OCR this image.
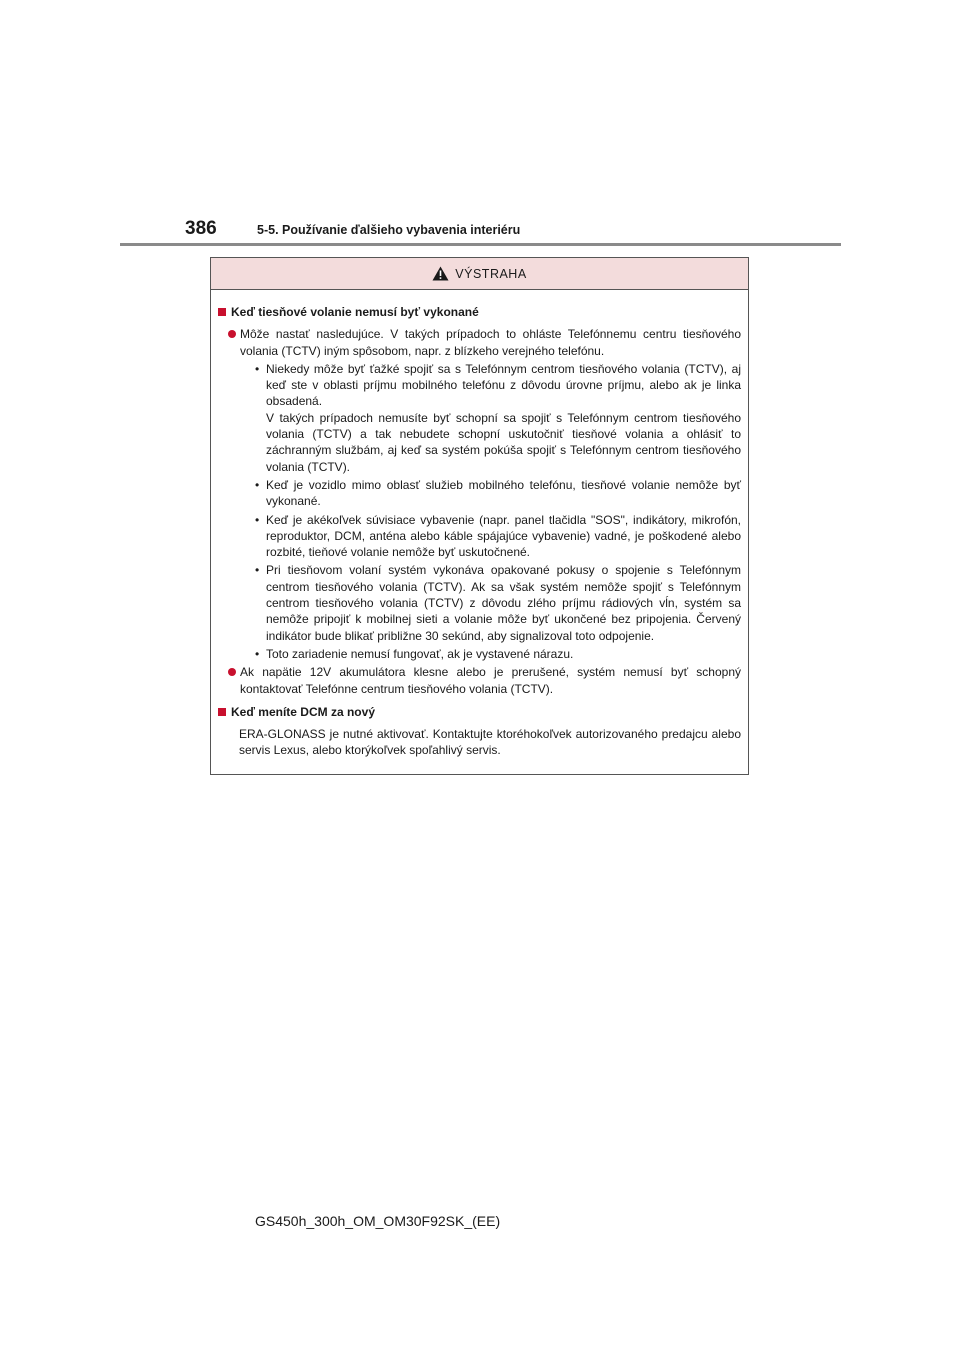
386	5-5. Používanie ďalšieho vybavenia interiéru
VÝSTRAHA
Keď tiesňové volanie nemusí byť vykonané
Môže nastať nasledujúce. V takých prípadoch to ohláste Telefónnemu centru tiesňového volania (TCTV) iným spôsobom, napr. z blízkeho verejného telefónu.
• Niekedy môže byť ťažké spojiť sa s Telefónnym centrom tiesňového volania (TCTV), aj keď ste v oblasti príjmu mobilného telefónu z dôvodu úrovne príjmu, alebo ak je linka obsadená.
V takých prípadoch nemusíte byť schopní sa spojiť s Telefónnym centrom tiesňového volania (TCTV) a tak nebudete schopní uskutočniť tiesňové volania a ohlásiť to záchranným službám, aj keď sa systém pokúša spojiť s Telefónnym centrom tiesňového volania (TCTV).
• Keď je vozidlo mimo oblasť služieb mobilného telefónu, tiesňové volanie nemôže byť vykonané.
• Keď je akékoľvek súvisiace vybavenie (napr. panel tlačidla "SOS", indikátory, mikrofón, reproduktor, DCM, anténa alebo káble spájajúce vybavenie) vadné, je poškodené alebo rozbité, tieňové volanie nemôže byť uskutočnené.
• Pri tiesňovom volaní systém vykonáva opakované pokusy o spojenie s Telefónnym centrom tiesňového volania (TCTV). Ak sa však systém nemôže spojiť s Telefónnym centrom tiesňového volania (TCTV) z dôvodu zlého príjmu rádiových vĺn, systém sa nemôže pripojiť k mobilnej sieti a volanie môže byť ukončené bez pripojenia. Červený indikátor bude blikať približne 30 sekúnd, aby signalizoval toto odpojenie.
• Toto zariadenie nemusí fungovať, ak je vystavené nárazu.
Ak napätie 12V akumulátora klesne alebo je prerušené, systém nemusí byť schopný kontaktovať Telefónne centrum tiesňového volania (TCTV).
Keď meníte DCM za nový
ERA-GLONASS je nutné aktivovať. Kontaktujte ktoréhokoľvek autorizovaného predajcu alebo servis Lexus, alebo ktorýkoľvek spoľahlivý servis.
GS450h_300h_OM_OM30F92SK_(EE)
